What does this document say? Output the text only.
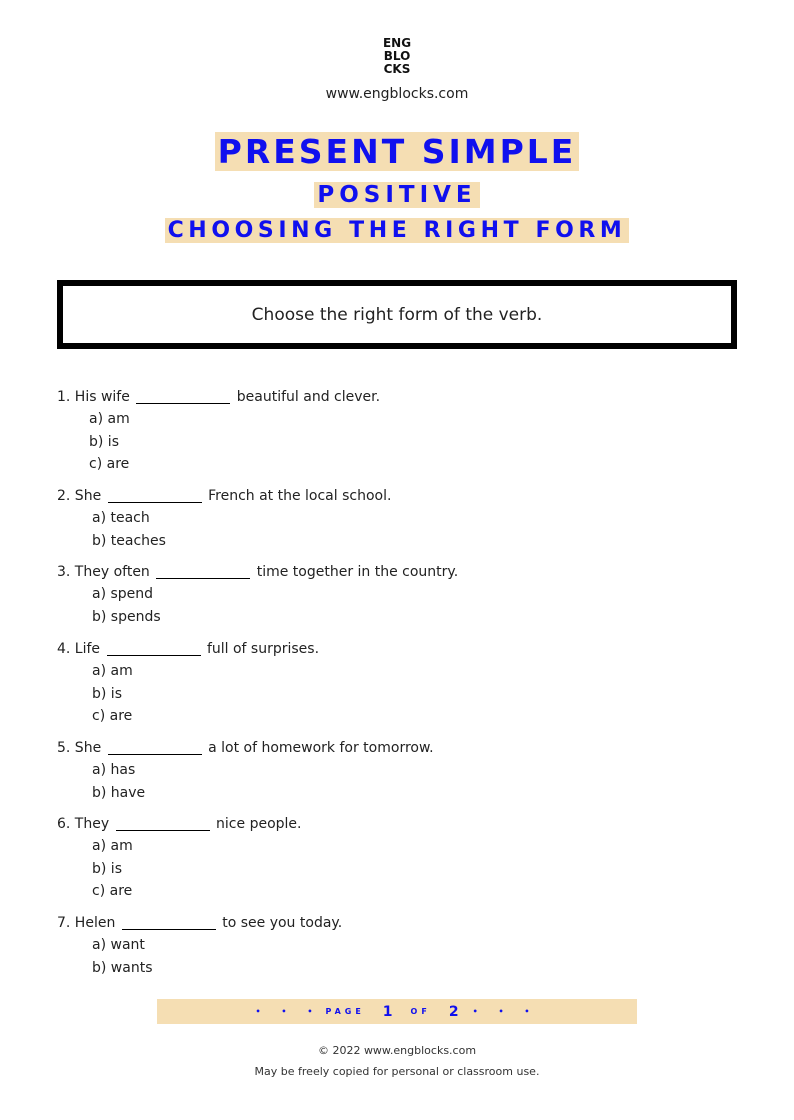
ENG
BLO
CKS
www.engblocks.com
PRESENT SIMPLE
POSITIVE
CHOOSING THE RIGHT FORM
Choose the right form of the verb.
1. His wife	beautiful and clever.
a) am
b) is
c) are
2. She	French at the local school.
a) teach
b) teaches
3. They often	time together in the country.
a) spend
b) spends
4. Life	full of surprises.
a) am
b) is
c) are
5. She	a lot of homework for tomorrow.
a) has
b) have
6. They	nice people.
a) am
b) is
c) are
7. Helen	to see you today.
a) want
b) wants
• • • PAGE 1 OF 2 • • •
© 2022 www.engblocks.com
May be freely copied for personal or classroom use.
